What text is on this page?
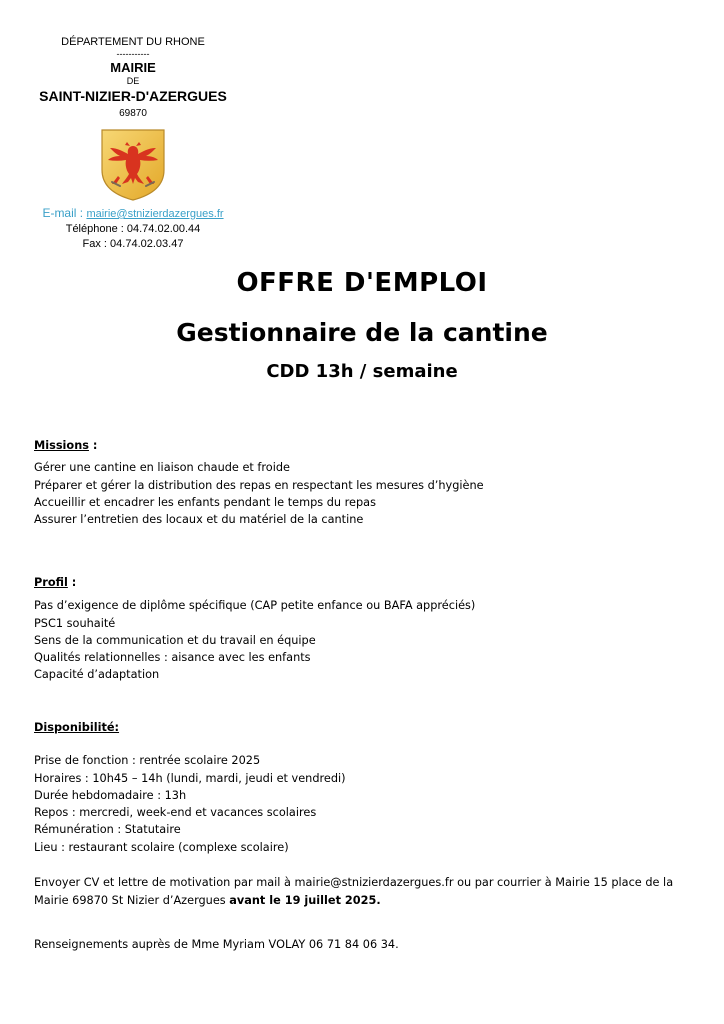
DÉPARTEMENT DU RHONE
-----------
MAIRIE
DE
SAINT-NIZIER-D'AZERGUES
69870
E-mail : mairie@stnizierdazergues.fr
Téléphone : 04.74.02.00.44
Fax : 04.74.02.03.47
OFFRE D'EMPLOI
Gestionnaire de la cantine
CDD 13h / semaine
Missions :
Gérer une cantine en liaison chaude et froide
Préparer et gérer la distribution des repas en respectant les mesures d’hygiène
Accueillir et encadrer les enfants pendant le temps du repas
Assurer l’entretien des locaux et du matériel de la cantine
Profil :
Pas d’exigence de diplôme spécifique (CAP petite enfance ou BAFA appréciés)
PSC1 souhaité
Sens de la communication et du travail en équipe
Qualités relationnelles : aisance avec les enfants
Capacité d’adaptation
Disponibilité:
Prise de fonction : rentrée scolaire 2025
Horaires : 10h45 – 14h (lundi, mardi, jeudi et vendredi)
Durée hebdomadaire : 13h
Repos : mercredi, week-end et vacances scolaires
Rémunération : Statutaire
Lieu : restaurant scolaire (complexe scolaire)
Envoyer CV et lettre de motivation par mail à mairie@stnizierdazergues.fr ou par courrier à Mairie 15 place de la Mairie 69870 St Nizier d’Azergues avant le 19 juillet 2025.
Renseignements auprès de Mme Myriam VOLAY 06 71 84 06 34.
